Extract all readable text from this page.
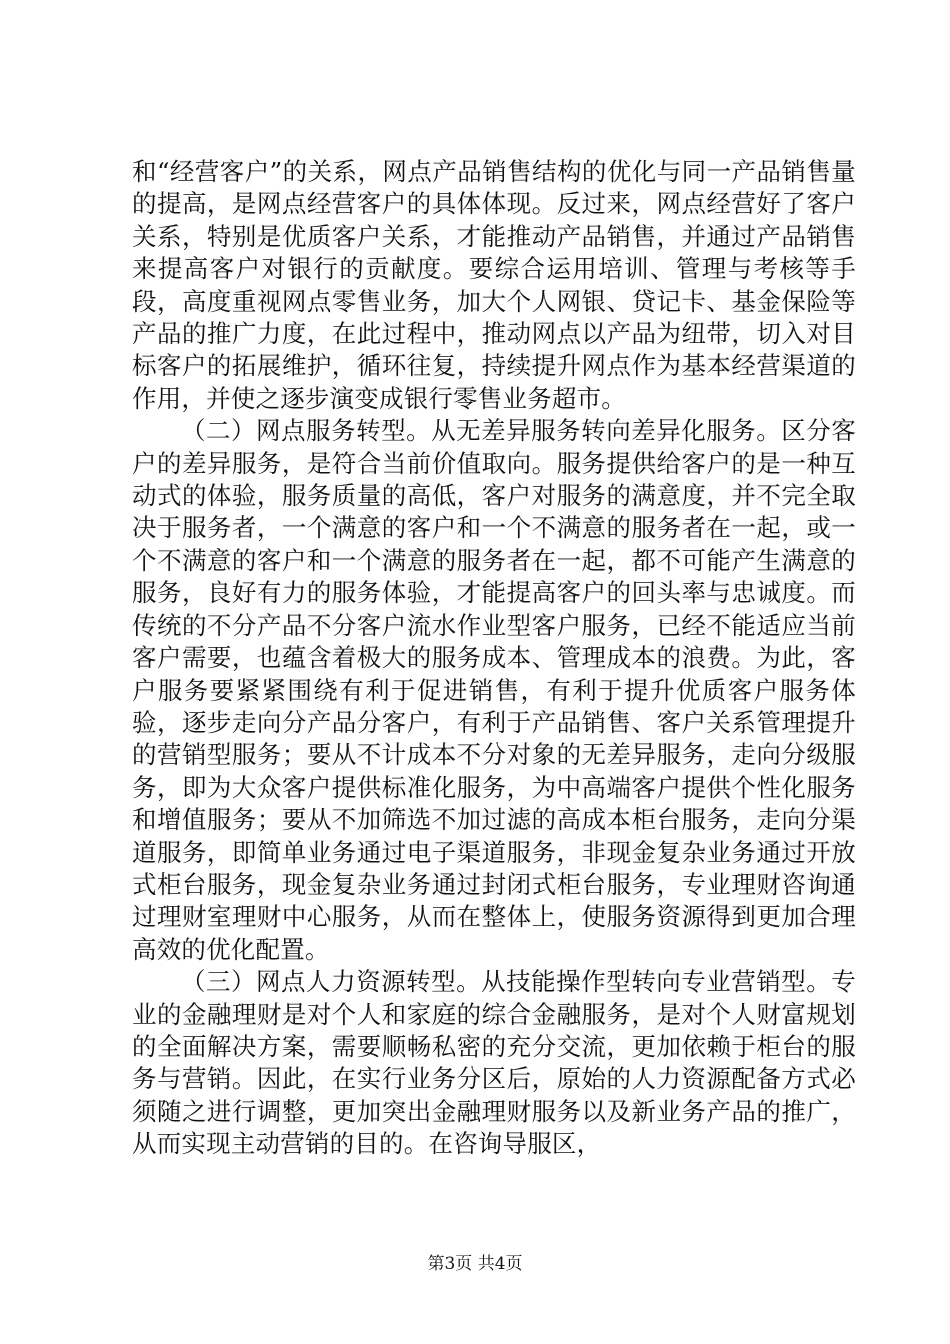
和“经营客户”的关系，网点产品销售结构的优化与同一产品销售量的提高，是网点经营客户的具体体现。反过来，网点经营好了客户关系，特别是优质客户关系，才能推动产品销售，并通过产品销售来提高客户对银行的贡献度。要综合运用培训、管理与考核等手段，高度重视网点零售业务，加大个人网银、贷记卡、基金保险等产品的推广力度，在此过程中，推动网点以产品为纽带，切入对目标客户的拓展维护，循环往复，持续提升网点作为基本经营渠道的作用，并使之逐步演变成银行零售业务超市。

（二）网点服务转型。从无差异服务转向差异化服务。区分客户的差异服务，是符合当前价值取向。服务提供给客户的是一种互动式的体验，服务质量的高低，客户对服务的满意度，并不完全取决于服务者，一个满意的客户和一个不满意的服务者在一起，或一个不满意的客户和一个满意的服务者在一起，都不可能产生满意的服务，良好有力的服务体验，才能提高客户的回头率与忠诚度。而传统的不分产品不分客户流水作业型客户服务，已经不能适应当前客户需要，也蕴含着极大的服务成本、管理成本的浪费。为此，客户服务要紧紧围绕有利于促进销售，有利于提升优质客户服务体验，逐步走向分产品分客户，有利于产品销售、客户关系管理提升的营销型服务；要从不计成本不分对象的无差异服务，走向分级服务，即为大众客户提供标准化服务，为中高端客户提供个性化服务和增值服务；要从不加筛选不加过滤的高成本柜台服务，走向分渠道服务，即简单业务通过电子渠道服务，非现金复杂业务通过开放式柜台服务，现金复杂业务通过封闭式柜台服务，专业理财咨询通过理财室理财中心服务，从而在整体上，使服务资源得到更加合理高效的优化配置。

（三）网点人力资源转型。从技能操作型转向专业营销型。专业的金融理财是对个人和家庭的综合金融服务，是对个人财富规划的全面解决方案，需要顺畅私密的充分交流，更加依赖于柜台的服务与营销。因此，在实行业务分区后，原始的人力资源配备方式必须随之进行调整，更加突出金融理财服务以及新业务产品的推广，从而实现主动营销的目的。在咨询导服区，

第3页 共4页
